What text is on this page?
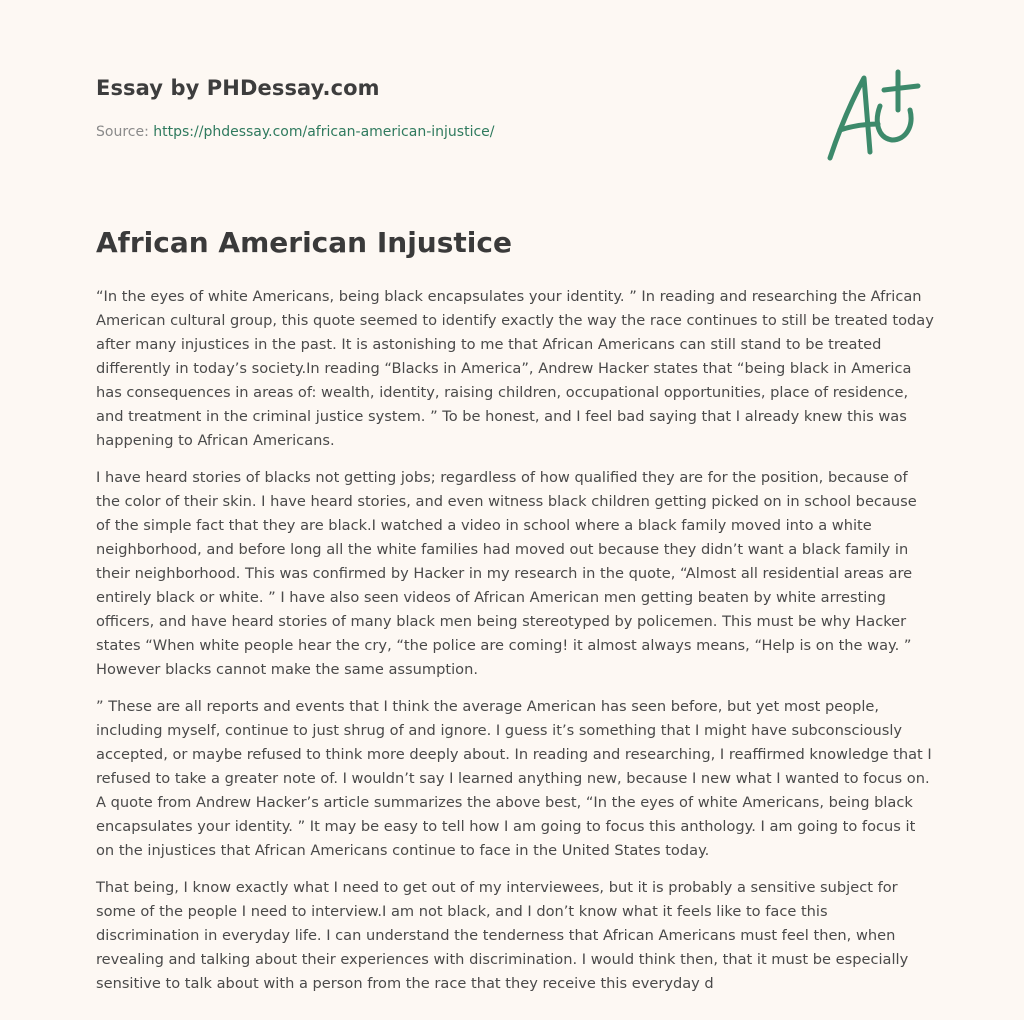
Essay by PHDessay.com
Source: https://phdessay.com/african-american-injustice/
African American Injustice

“In the eyes of white Americans, being black encapsulates your identity. ” In reading and researching the African American cultural group, this quote seemed to identify exactly the way the race continues to still be treated today after many injustices in the past. It is astonishing to me that African Americans can still stand to be treated differently in today’s society.In reading “Blacks in America”, Andrew Hacker states that “being black in America has consequences in areas of: wealth, identity, raising children, occupational opportunities, place of residence, and treatment in the criminal justice system. ” To be honest, and I feel bad saying that I already knew this was happening to African Americans.

I have heard stories of blacks not getting jobs; regardless of how qualified they are for the position, because of the color of their skin. I have heard stories, and even witness black children getting picked on in school because of the simple fact that they are black.I watched a video in school where a black family moved into a white neighborhood, and before long all the white families had moved out because they didn’t want a black family in their neighborhood. This was confirmed by Hacker in my research in the quote, “Almost all residential areas are entirely black or white. ” I have also seen videos of African American men getting beaten by white arresting officers, and have heard stories of many black men being stereotyped by policemen. This must be why Hacker states “When white people hear the cry, “the police are coming! it almost always means, “Help is on the way. ” However blacks cannot make the same assumption.

” These are all reports and events that I think the average American has seen before, but yet most people, including myself, continue to just shrug of and ignore. I guess it’s something that I might have subconsciously accepted, or maybe refused to think more deeply about. In reading and researching, I reaffirmed knowledge that I refused to take a greater note of. I wouldn’t say I learned anything new, because I new what I wanted to focus on. A quote from Andrew Hacker’s article summarizes the above best, “In the eyes of white Americans, being black encapsulates your identity. ” It may be easy to tell how I am going to focus this anthology. I am going to focus it on the injustices that African Americans continue to face in the United States today.

That being, I know exactly what I need to get out of my interviewees, but it is probably a sensitive subject for some of the people I need to interview.I am not black, and I don’t know what it feels like to face this discrimination in everyday life. I can understand the tenderness that African Americans must feel then, when revealing and talking about their experiences with discrimination. I would think then, that it must be especially sensitive to talk about with a person from the race that they receive this everyday d
